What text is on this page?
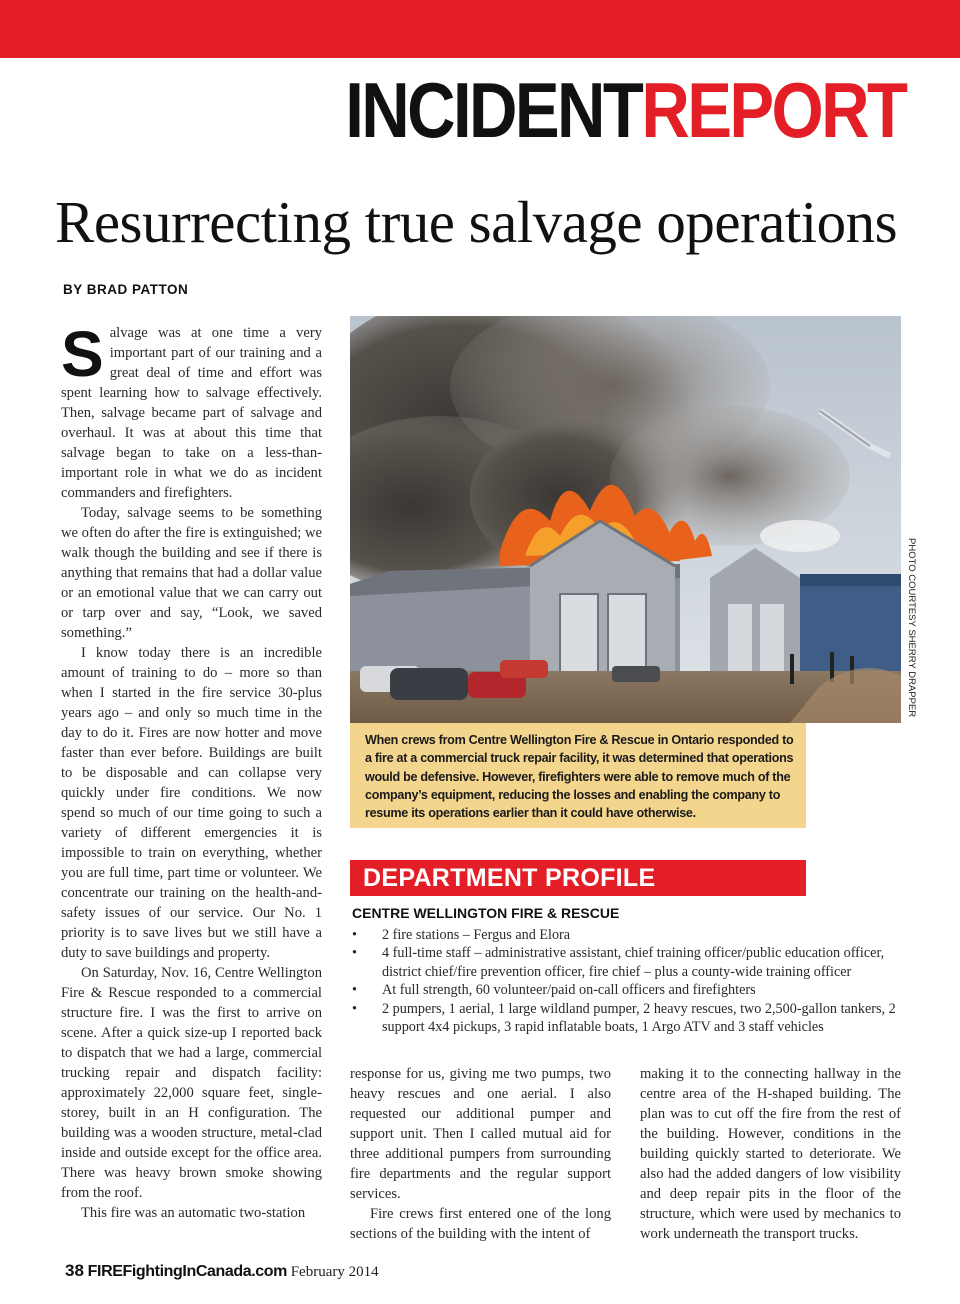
INCIDENTREPORT
Resurrecting true salvage operations
BY BRAD PATTON

Salvage was at one time a very important part of our training and a great deal of time and effort was spent learning how to salvage effectively. Then, salvage became part of salvage and overhaul. It was at about this time that salvage began to take on a less-than-important role in what we do as incident commanders and firefighters.

Today, salvage seems to be something we often do after the fire is extinguished; we walk though the building and see if there is anything that remains that had a dollar value or an emotional value that we can carry out or tarp over and say, “Look, we saved something.”

I know today there is an incredible amount of training to do – more so than when I started in the fire service 30-plus years ago – and only so much time in the day to do it. Fires are now hotter and move faster than ever before. Buildings are built to be disposable and can collapse very quickly under fire conditions. We now spend so much of our time going to such a variety of different emergencies it is impossible to train on everything, whether you are full time, part time or volunteer. We concentrate our training on the health-and-safety issues of our service. Our No. 1 priority is to save lives but we still have a duty to save buildings and property.

On Saturday, Nov. 16, Centre Wellington Fire & Rescue responded to a commercial structure fire. I was the first to arrive on scene. After a quick size-up I reported back to dispatch that we had a large, commercial trucking repair and dispatch facility: approximately 22,000 square feet, single-storey, built in an H configuration. The building was a wooden structure, metal-clad inside and outside except for the office area. There was heavy brown smoke showing from the roof.

This fire was an automatic two-station

PHOTO COURTESY SHERRY DRAPPER
When crews from Centre Wellington Fire & Rescue in Ontario responded to a fire at a commercial truck repair facility, it was determined that operations would be defensive. However, firefighters were able to remove much of the company’s equipment, reducing the losses and enabling the company to resume its operations earlier than it could have otherwise.
DEPARTMENT PROFILE
CENTRE WELLINGTON FIRE & RESCUE
• 2 fire stations – Fergus and Elora
• 4 full-time staff – administrative assistant, chief training officer/public education officer, district chief/fire prevention officer, fire chief – plus a county-wide training officer
• At full strength, 60 volunteer/paid on-call officers and firefighters
• 2 pumpers, 1 aerial, 1 large wildland pumper, 2 heavy rescues, two 2,500-gallon tankers, 2 support 4x4 pickups, 3 rapid inflatable boats, 1 Argo ATV and 3 staff vehicles

response for us, giving me two pumps, two heavy rescues and one aerial. I also requested our additional pumper and support unit. Then I called mutual aid for three additional pumpers from surrounding fire departments and the regular support services.

Fire crews first entered one of the long sections of the building with the intent of

making it to the connecting hallway in the centre area of the H-shaped building. The plan was to cut off the fire from the rest of the building. However, conditions in the building quickly started to deteriorate. We also had the added dangers of low visibility and deep repair pits in the floor of the structure, which were used by mechanics to work underneath the transport trucks.

38 FIREFightingInCanada.com February 2014
